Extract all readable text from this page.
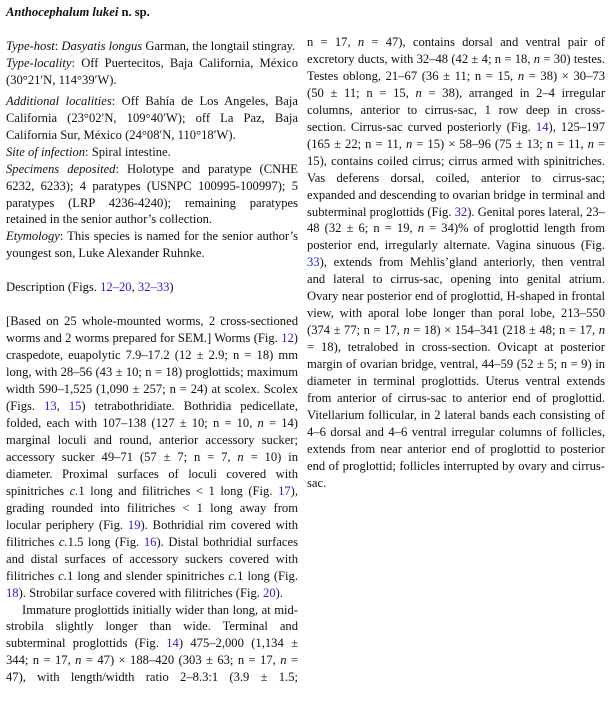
Anthocephalum lukei n. sp.

Type-host: Dasyatis longus Garman, the longtail stingray.

Type-locality: Off Puertecitos, Baja California, México (30°21′N, 114°39′W).

Additional localities: Off Bahía de Los Angeles, Baja California (23°02′N, 109°40′W); off La Paz, Baja California Sur, México (24°08′N, 110°18′W).

Site of infection: Spiral intestine.

Specimens deposited: Holotype and paratype (CNHE 6232, 6233); 4 paratypes (USNPC 100995-100997); 5 paratypes (LRP 4236-4240); remaining paratypes retained in the senior author’s collection.

Etymology: This species is named for the senior author’s youngest son, Luke Alexander Ruhnke.

Description (Figs. 12–20, 32–33)

[Based on 25 whole-mounted worms, 2 cross-sectioned worms and 2 worms prepared for SEM.] Worms (Fig. 12) craspedote, euapolytic 7.9–17.2 (12 ± 2.9; n = 18) mm long, with 28–56 (43 ± 10; n = 18) proglottids; maximum width 590–1,525 (1,090 ± 257; n = 24) at scolex. Scolex (Figs. 13, 15) tetrabothridiate. Bothridia pedicellate, folded, each with 107–138 (127 ± 10; n = 10, n = 14) marginal loculi and round, anterior accessory sucker; accessory sucker 49–71 (57 ± 7; n = 7, n = 10) in diameter. Proximal surfaces of loculi covered with spinitriches c.1 long and filitriches < 1 long (Fig. 17), grading rounded into filitriches < 1 long away from locular periphery (Fig. 19). Bothridial rim covered with filitriches c.1.5 long (Fig. 16). Distal bothridial surfaces and distal surfaces of accessory suckers covered with filitriches c.1 long and slender spinitriches c.1 long (Fig. 18). Strobilar surface covered with filitriches (Fig. 20).

Immature proglottids initially wider than long, at mid-strobila slightly longer than wide. Terminal and subterminal proglottids (Fig. 14) 475–2,000 (1,134 ± 344; n = 17, n = 47) × 188–420 (303 ± 63; n = 17, n = 47), with length/width ratio 2–8.3:1 (3.9 ± 1.5;

n = 17, n = 47), contains dorsal and ventral pair of excretory ducts, with 32–48 (42 ± 4; n = 18, n = 30) testes. Testes oblong, 21–67 (36 ± 11; n = 15, n = 38) × 30–73 (50 ± 11; n = 15, n = 38), arranged in 2–4 irregular columns, anterior to cirrus-sac, 1 row deep in cross-section. Cirrus-sac curved posteriorly (Fig. 14), 125–197 (165 ± 22; n = 11, n = 15) × 58–96 (75 ± 13; n = 11, n = 15), contains coiled cirrus; cirrus armed with spinitriches. Vas deferens dorsal, coiled, anterior to cirrus-sac; expanded and descending to ovarian bridge in terminal and subterminal proglottids (Fig. 32). Genital pores lateral, 23–48 (32 ± 6; n = 19, n = 34)% of proglottid length from posterior end, irregularly alternate. Vagina sinuous (Fig. 33), extends from Mehlis’gland anteriorly, then ventral and lateral to cirrus-sac, opening into genital atrium. Ovary near posterior end of proglottid, H-shaped in frontal view, with aporal lobe longer than poral lobe, 213–550 (374 ± 77; n = 17, n = 18) × 154–341 (218 ± 48; n = 17, n = 18), tetralobed in cross-section. Ovicapt at posterior margin of ovarian bridge, ventral, 44–59 (52 ± 5; n = 9) in diameter in terminal proglottids. Uterus ventral extends from anterior of cirrus-sac to anterior end of proglottid. Vitellarium follicular, in 2 lateral bands each consisting of 4–6 dorsal and 4–6 ventral irregular columns of follicles, extends from near anterior end of proglottid to posterior end of proglottid; follicles interrupted by ovary and cirrus-sac.
